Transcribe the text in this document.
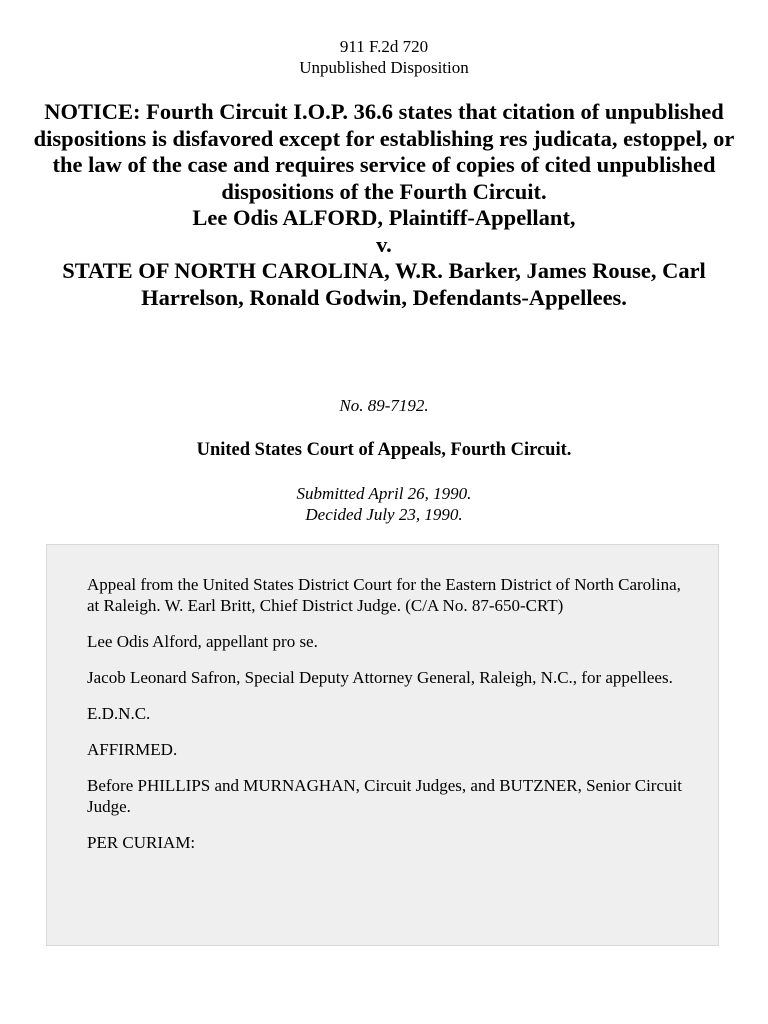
911 F.2d 720
Unpublished Disposition
NOTICE: Fourth Circuit I.O.P. 36.6 states that citation of unpublished dispositions is disfavored except for establishing res judicata, estoppel, or the law of the case and requires service of copies of cited unpublished dispositions of the Fourth Circuit.
Lee Odis ALFORD, Plaintiff-Appellant,
v.
STATE OF NORTH CAROLINA, W.R. Barker, James Rouse, Carl
Harrelson, Ronald Godwin, Defendants-Appellees.
No. 89-7192.
United States Court of Appeals, Fourth Circuit.
Submitted April 26, 1990.
Decided July 23, 1990.

Appeal from the United States District Court for the Eastern District of North Carolina, at Raleigh. W. Earl Britt, Chief District Judge. (C/A No. 87-650-CRT)

Lee Odis Alford, appellant pro se.

Jacob Leonard Safron, Special Deputy Attorney General, Raleigh, N.C., for appellees.

E.D.N.C.

AFFIRMED.

Before PHILLIPS and MURNAGHAN, Circuit Judges, and BUTZNER, Senior Circuit Judge.

PER CURIAM:
